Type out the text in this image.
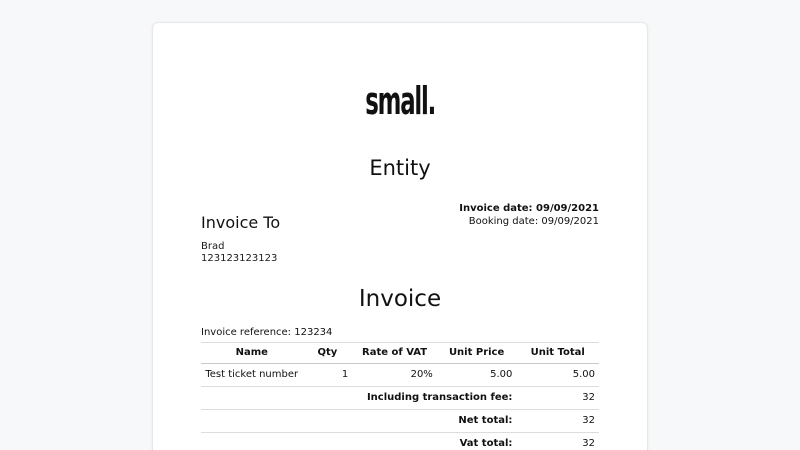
small.
Entity
Invoice To
Brad
123123123123
Invoice date: 09/09/2021
Booking date: 09/09/2021
Invoice
Invoice reference: 123234
Name	Qty	Rate of VAT	Unit Price	Unit Total
Test ticket number	1	20%	5.00	5.00
Including transaction fee:				32
Net total:				32
Vat total:				32
